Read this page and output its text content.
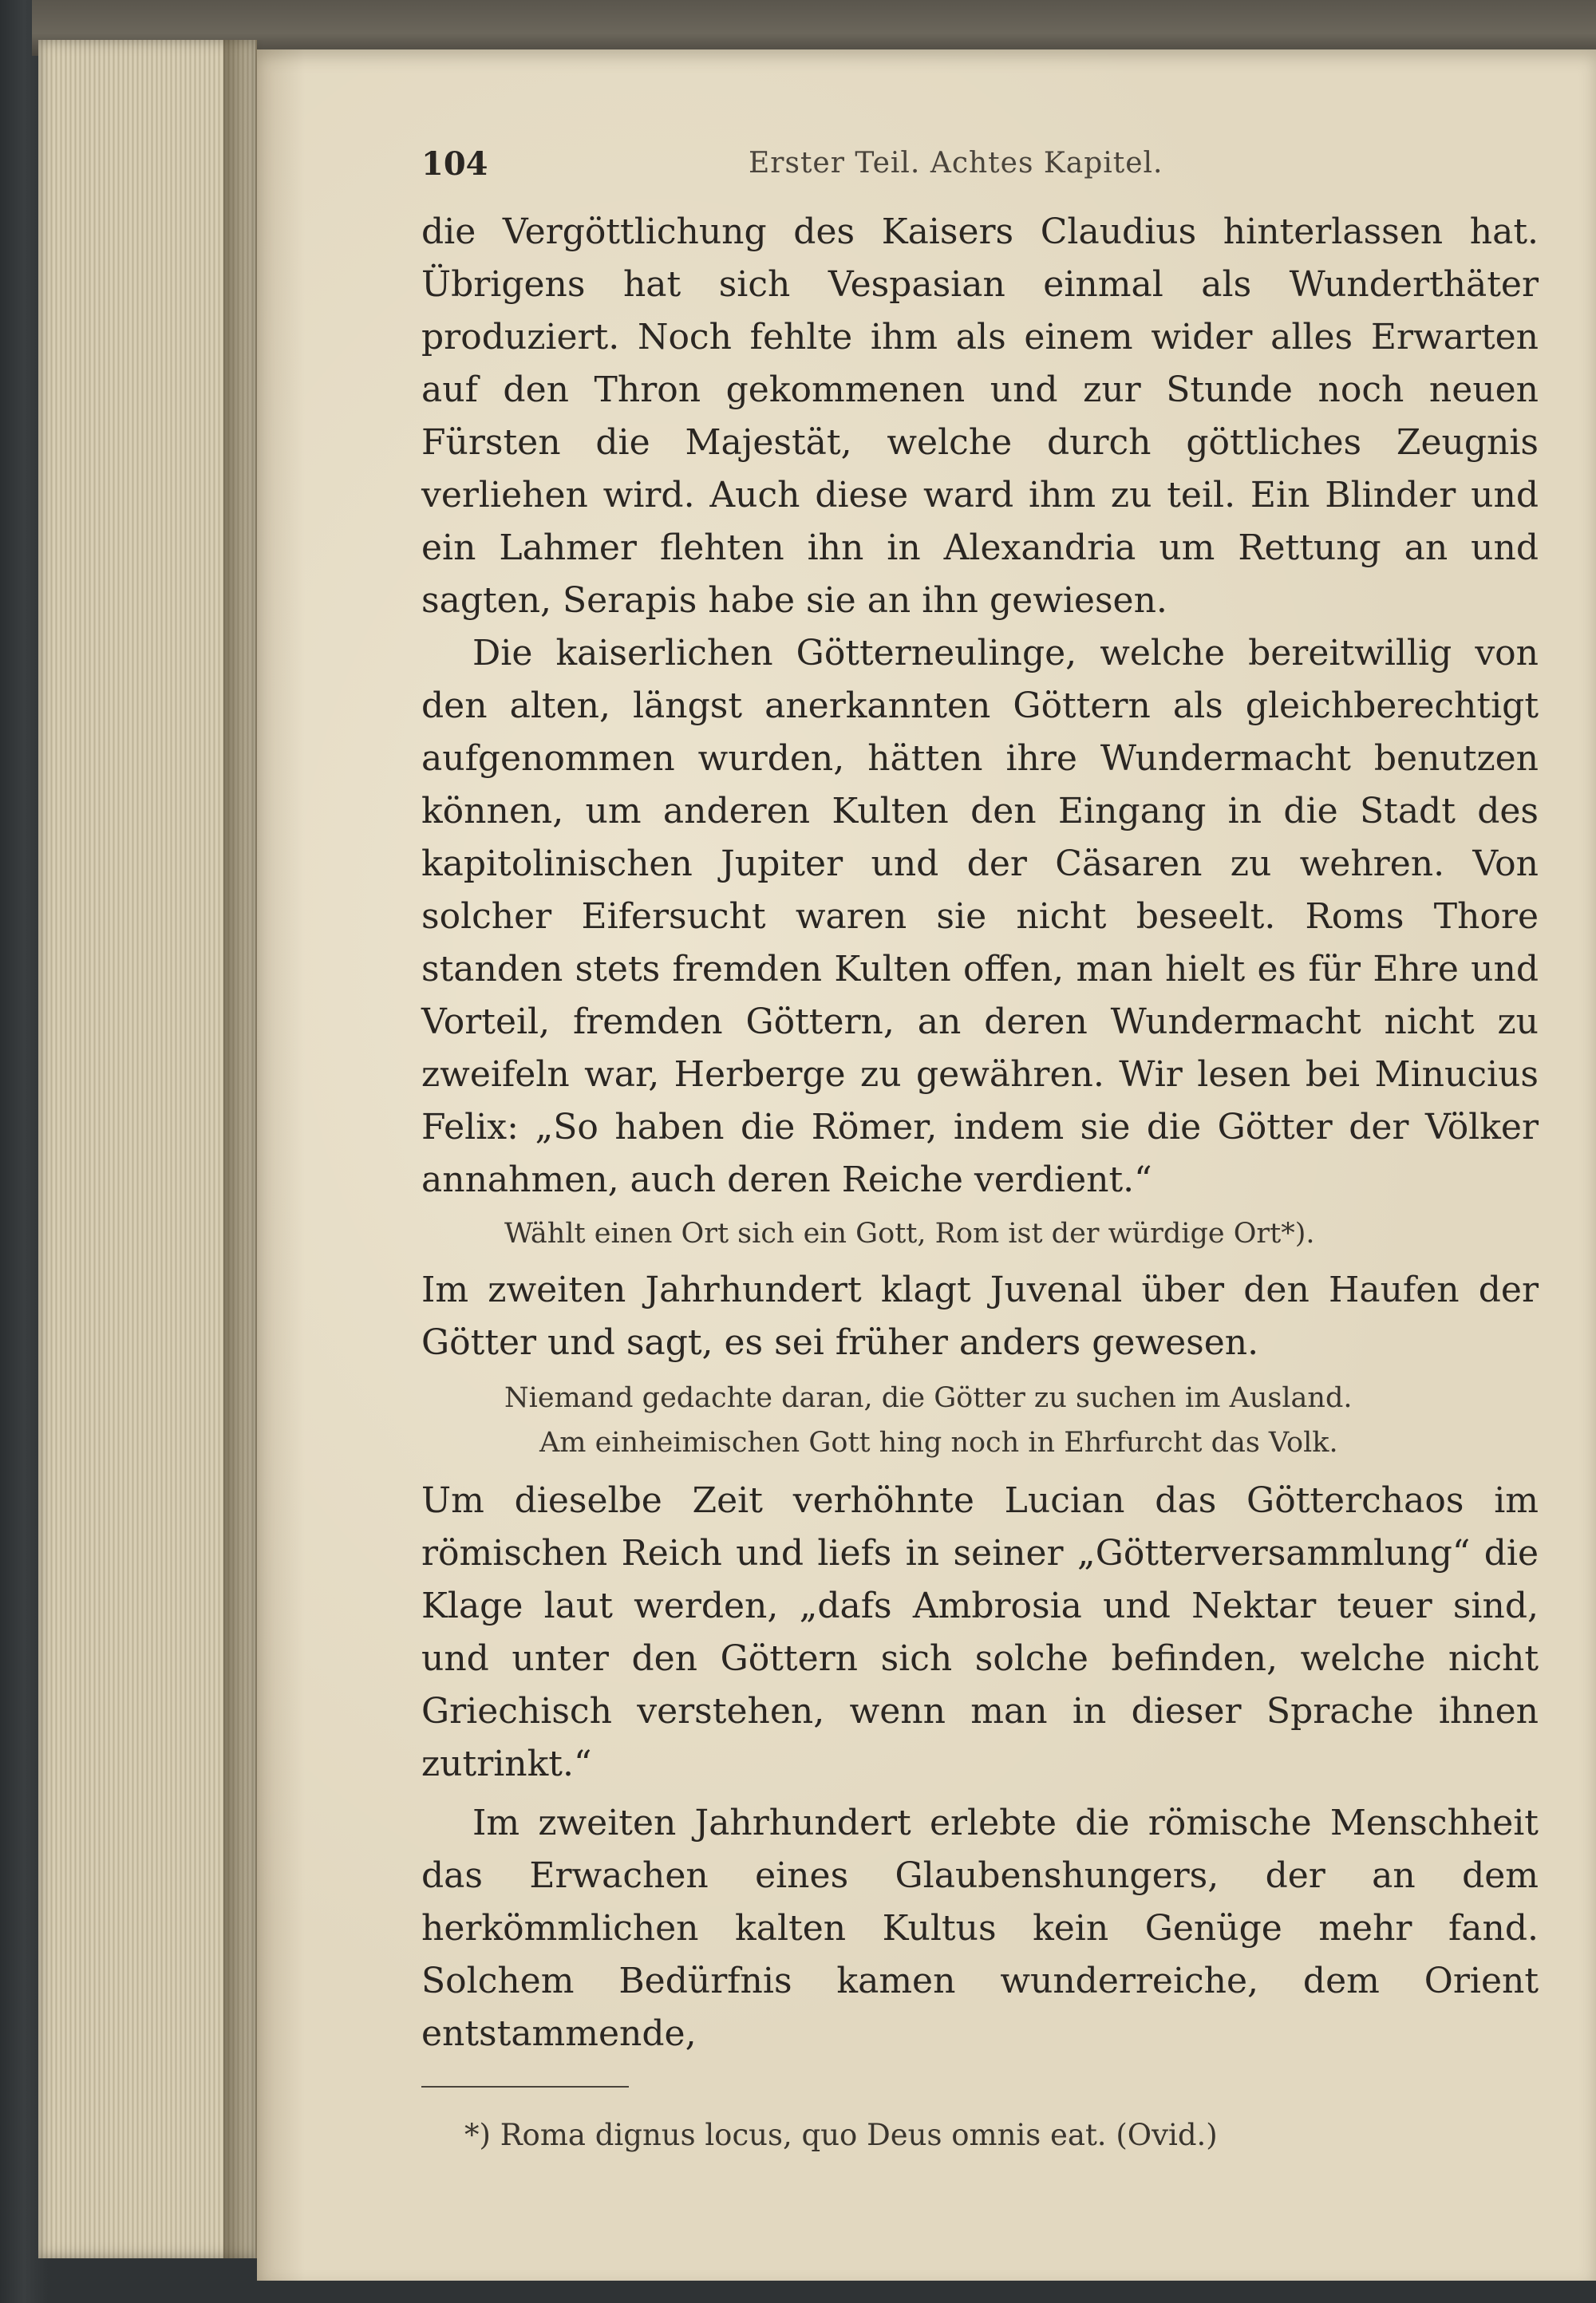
104	Erster Teil. Achtes Kapitel.

die Vergöttlichung des Kaisers Claudius hinterlassen hat. Übrigens hat sich Vespasian einmal als Wunderthäter produziert. Noch fehlte ihm als einem wider alles Erwarten auf den Thron gekommenen und zur Stunde noch neuen Fürsten die Majestät, welche durch göttliches Zeugnis verliehen wird. Auch diese ward ihm zu teil. Ein Blinder und ein Lahmer flehten ihn in Alexandria um Rettung an und sagten, Serapis habe sie an ihn gewiesen.

Die kaiserlichen Götterneulinge, welche bereitwillig von den alten, längst anerkannten Göttern als gleichberechtigt aufgenommen wurden, hätten ihre Wundermacht benutzen können, um anderen Kulten den Eingang in die Stadt des kapitolinischen Jupiter und der Cäsaren zu wehren. Von solcher Eifersucht waren sie nicht beseelt. Roms Thore standen stets fremden Kulten offen, man hielt es für Ehre und Vorteil, fremden Göttern, an deren Wundermacht nicht zu zweifeln war, Herberge zu gewähren. Wir lesen bei Minucius Felix: „So haben die Römer, indem sie die Götter der Völker annahmen, auch deren Reiche verdient.“

Wählt einen Ort sich ein Gott, Rom ist der würdige Ort*).

Im zweiten Jahrhundert klagt Juvenal über den Haufen der Götter und sagt, es sei früher anders gewesen.

Niemand gedachte daran, die Götter zu suchen im Ausland.
Am einheimischen Gott hing noch in Ehrfurcht das Volk.

Um dieselbe Zeit verhöhnte Lucian das Götterchaos im römischen Reich und liefs in seiner „Götterversammlung“ die Klage laut werden, „dafs Ambrosia und Nektar teuer sind, und unter den Göttern sich solche befinden, welche nicht Griechisch verstehen, wenn man in dieser Sprache ihnen zutrinkt.“

Im zweiten Jahrhundert erlebte die römische Menschheit das Erwachen eines Glaubenshungers, der an dem herkömmlichen kalten Kultus kein Genüge mehr fand. Solchem Bedürfnis kamen wunderreiche, dem Orient entstammende,

*) Roma dignus locus, quo Deus omnis eat. (Ovid.)
